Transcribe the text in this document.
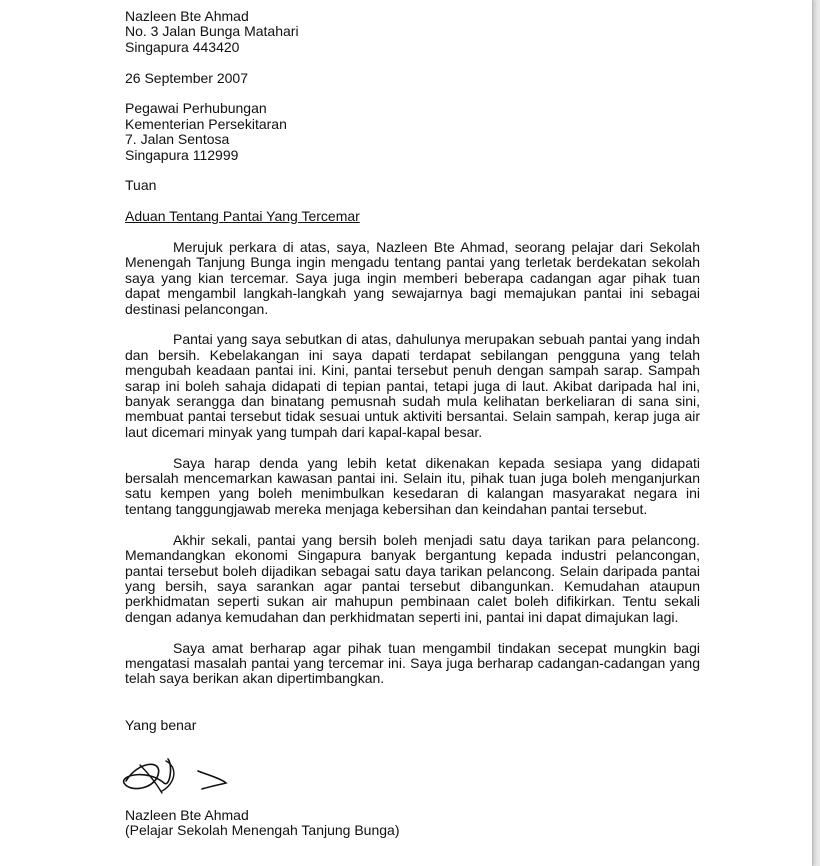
Nazleen Bte Ahmad
No. 3 Jalan Bunga Matahari
Singapura 443420
26 September 2007
Pegawai Perhubungan
Kementerian Persekitaran
7. Jalan Sentosa
Singapura 112999
Tuan
Aduan Tentang Pantai Yang Tercemar

Merujuk perkara di atas, saya, Nazleen Bte Ahmad, seorang pelajar dari Sekolah Menengah Tanjung Bunga ingin mengadu tentang pantai yang terletak berdekatan sekolah saya yang kian tercemar. Saya juga ingin memberi beberapa cadangan agar pihak tuan dapat mengambil langkah-langkah yang sewajarnya bagi memajukan pantai ini sebagai destinasi pelancongan.

Pantai yang saya sebutkan di atas, dahulunya merupakan sebuah pantai yang indah dan bersih. Kebelakangan ini saya dapati terdapat sebilangan pengguna yang telah mengubah keadaan pantai ini. Kini, pantai tersebut penuh dengan sampah sarap. Sampah sarap ini boleh sahaja didapati di tepian pantai, tetapi juga di laut. Akibat daripada hal ini, banyak serangga dan binatang pemusnah sudah mula kelihatan berkeliaran di sana sini, membuat pantai tersebut tidak sesuai untuk aktiviti bersantai. Selain sampah, kerap juga air laut dicemari minyak yang tumpah dari kapal-kapal besar.

Saya harap denda yang lebih ketat dikenakan kepada sesiapa yang didapati bersalah mencemarkan kawasan pantai ini. Selain itu, pihak tuan juga boleh menganjurkan satu kempen yang boleh menimbulkan kesedaran di kalangan masyarakat negara ini tentang tanggungjawab mereka menjaga kebersihan dan keindahan pantai tersebut.

Akhir sekali, pantai yang bersih boleh menjadi satu daya tarikan para pelancong. Memandangkan ekonomi Singapura banyak bergantung kepada industri pelancongan, pantai tersebut boleh dijadikan sebagai satu daya tarikan pelancong. Selain daripada pantai yang bersih, saya sarankan agar pantai tersebut dibangunkan. Kemudahan ataupun perkhidmatan seperti sukan air mahupun pembinaan calet boleh difikirkan. Tentu sekali dengan adanya kemudahan dan perkhidmatan seperti ini, pantai ini dapat dimajukan lagi.

Saya amat berharap agar pihak tuan mengambil tindakan secepat mungkin bagi mengatasi masalah pantai yang tercemar ini. Saya juga berharap cadangan-cadangan yang telah saya berikan akan dipertimbangkan.

Yang benar
Nazleen Bte Ahmad
(Pelajar Sekolah Menengah Tanjung Bunga)
